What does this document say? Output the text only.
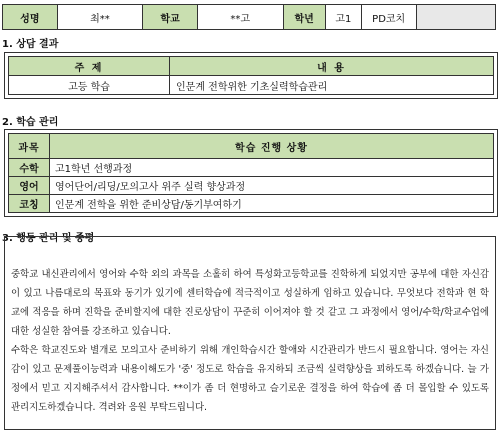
성명	최**	학교	**고	학년	고1	PD코치	
1. 상담 결과
주 제	내 용
고등 학습	인문계 전학위한 기초실력학습관리
2. 학습 관리
과목	학습 진행 상황
수학	고1학년 선행과정
영어	영어단어/리딩/모의고사 위주 실력 향상과정
코칭	인문계 전학을 위한 준비상담/동기부여하기
3. 행동 관리 및 종평

중학교 내신관리에서 영어와 수학 외의 과목을 소홀히 하여 특성화고등학교를 진학하게 되었지만 공부에 대한 자신감이 있고 나름대로의 목표와 동기가 있기에 센터학습에 적극적이고 성실하게 임하고 있습니다. 무엇보다 전학과 현 학교에 적응을 하며 진학을 준비할지에 대한 진로상담이 꾸준히 이어져야 할 것 같고 그 과정에서 영어/수학/학교수업에 대한 성실한 참여를 강조하고 있습니다.

수학은 학교진도와 별개로 모의고사 준비하기 위해 개인학습시간 할애와 시간관리가 반드시 필요합니다. 영어는 자신감이 있고 문제풀이능력과 내용이해도가 '중' 정도로 학습을 유지하되 조금씩 실력향상을 꾀하도록 하겠습니다. 늘 가정에서 믿고 지지해주셔서 감사합니다. **이가 좀 더 현명하고 슬기로운 결정을 하여 학습에 좀 더 몰입할 수 있도록 관리지도하겠습니다. 격려와 응원 부탁드립니다.
